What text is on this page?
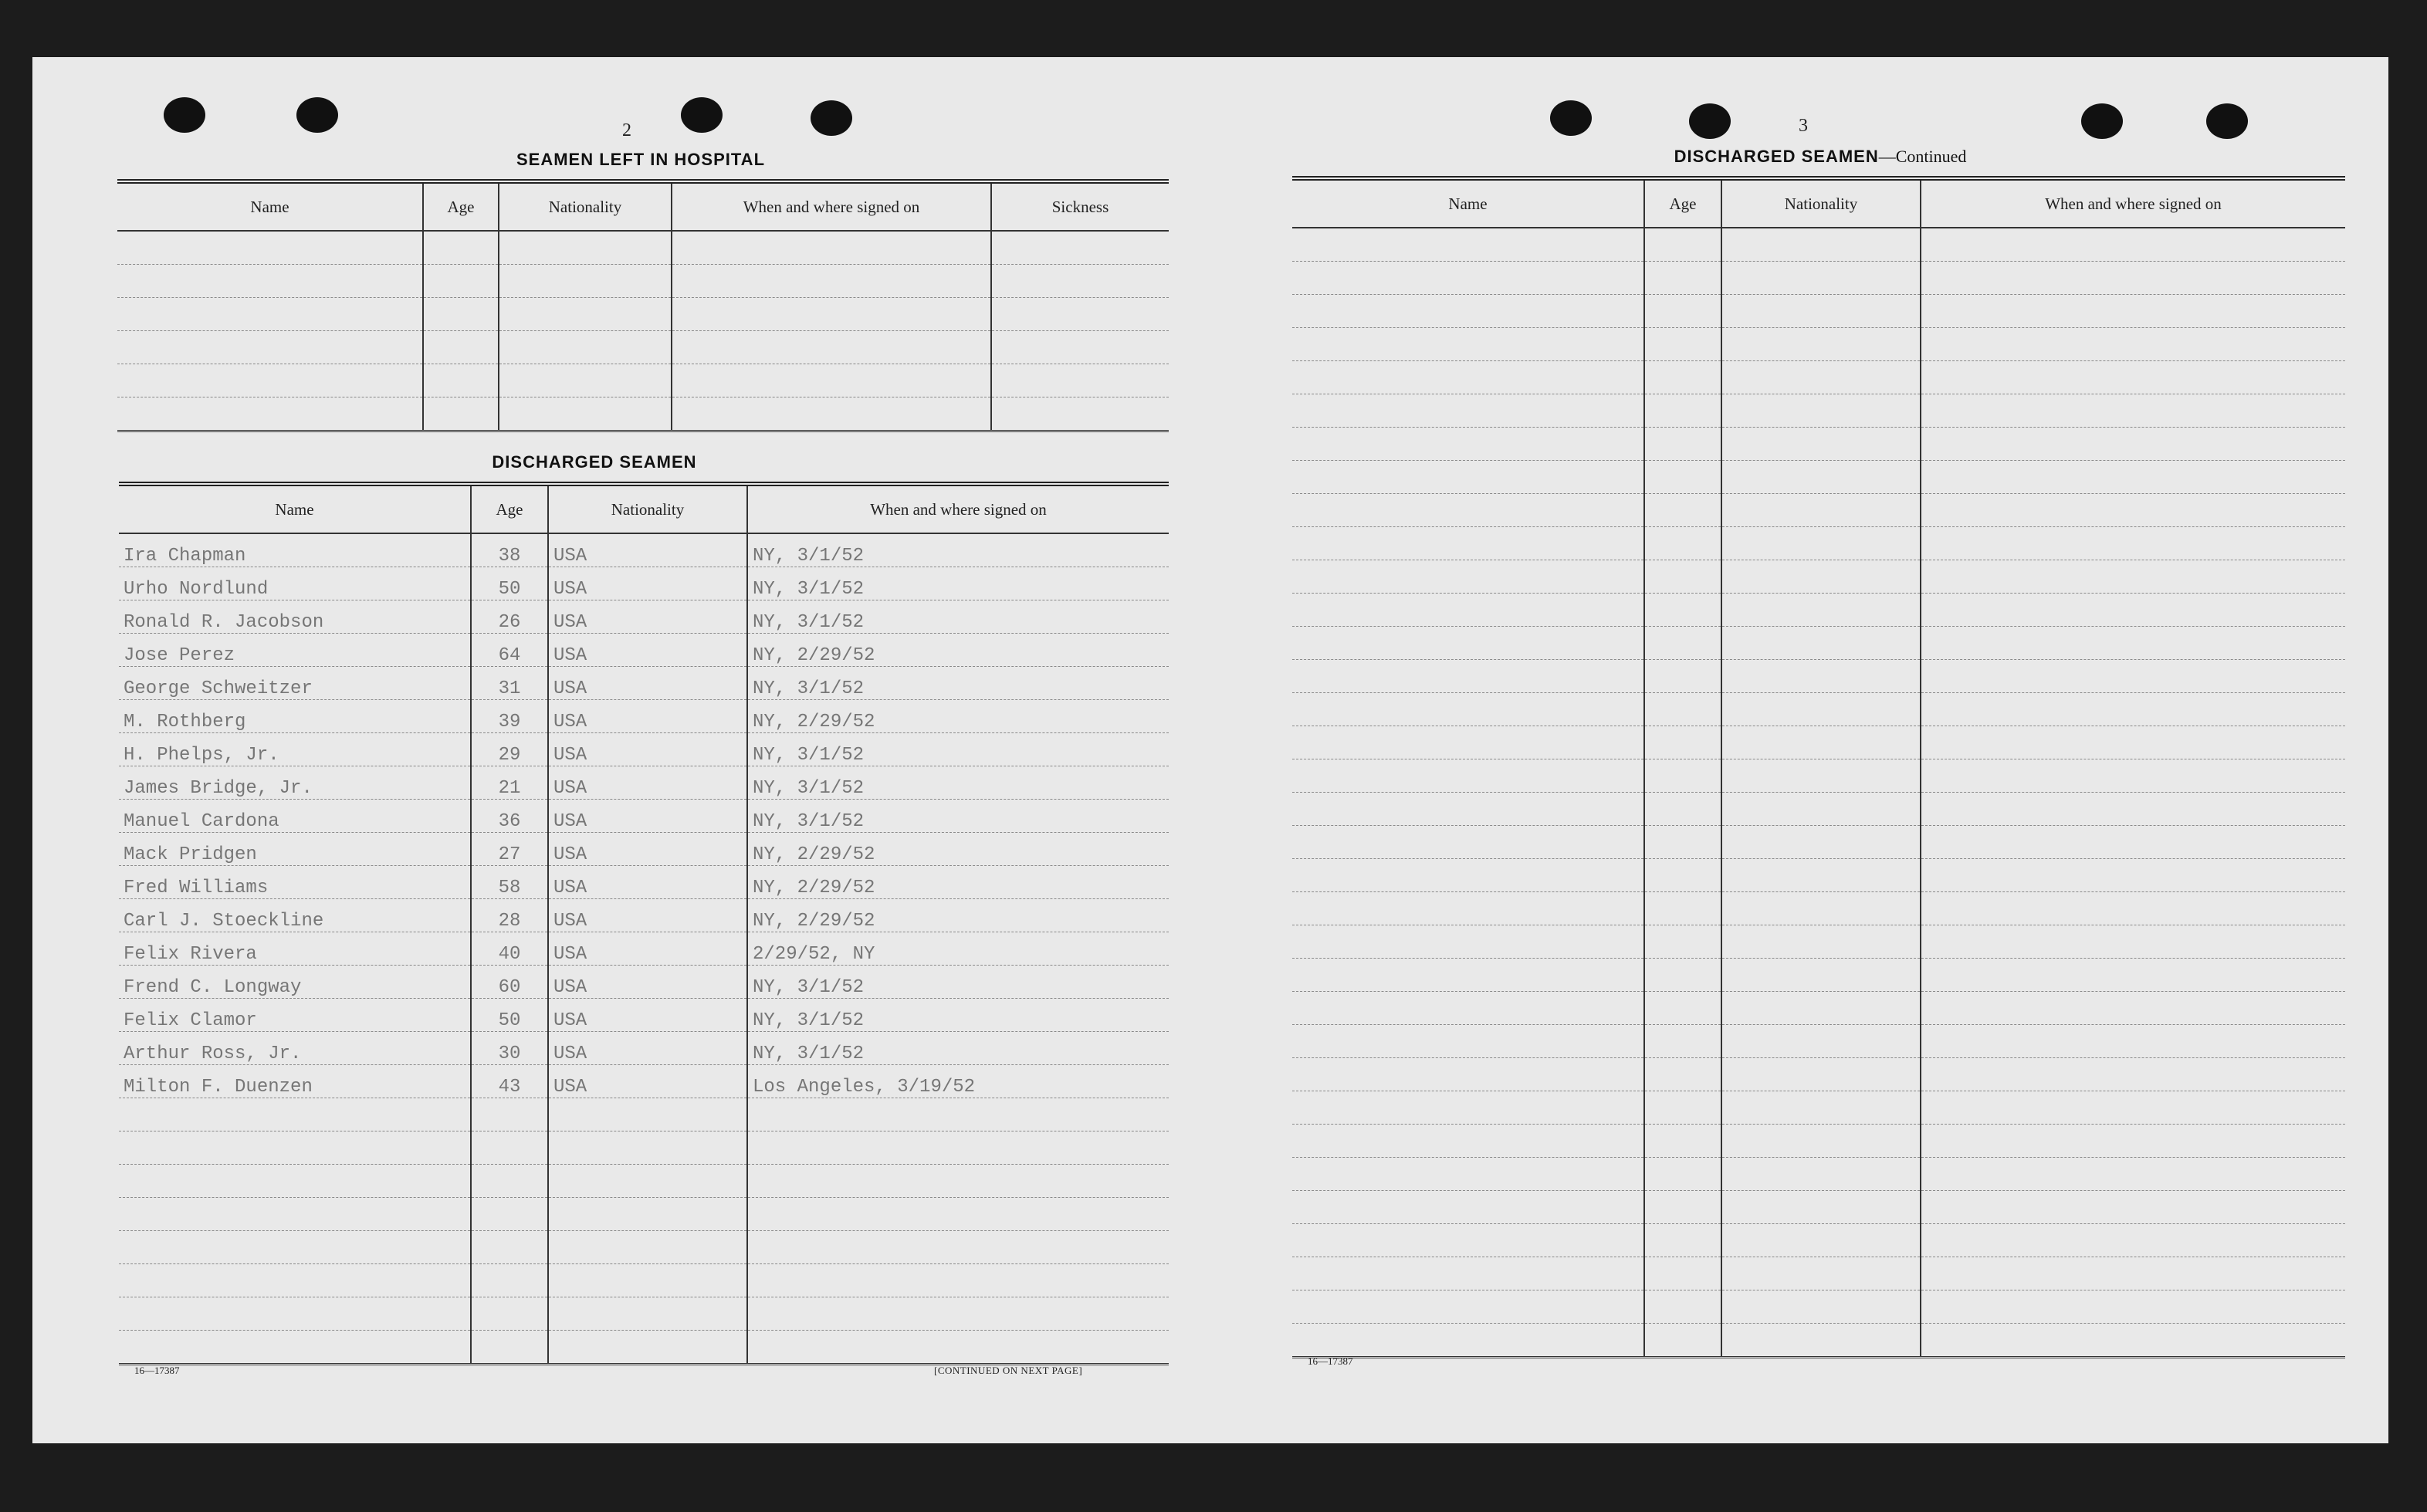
2
SEAMEN LEFT IN HOSPITAL
Name	Age	Nationality	When and where signed on	Sickness

DISCHARGED SEAMEN
Name	Age	Nationality	When and where signed on
Ira Chapman	38	USA	NY, 3/1/52
Urho Nordlund	50	USA	NY, 3/1/52
Ronald R. Jacobson	26	USA	NY, 3/1/52
Jose Perez	64	USA	NY, 2/29/52
George Schweitzer	31	USA	NY, 3/1/52
M. Rothberg	39	USA	NY, 2/29/52
H. Phelps, Jr.	29	USA	NY, 3/1/52
James Bridge, Jr.	21	USA	NY, 3/1/52
Manuel Cardona	36	USA	NY, 3/1/52
Mack Pridgen	27	USA	NY, 2/29/52
Fred Williams	58	USA	NY, 2/29/52
Carl J. Stoeckline	28	USA	NY, 2/29/52
Felix Rivera	40	USA	2/29/52, NY
Frend C. Longway	60	USA	NY, 3/1/52
Felix Clamor	50	USA	NY, 3/1/52
Arthur Ross, Jr.	30	USA	NY, 3/1/52
Milton F. Duenzen	43	USA	Los Angeles, 3/19/52

16—17387	[CONTINUED ON NEXT PAGE]
3
DISCHARGED SEAMEN—Continued
Name	Age	Nationality	When and where signed on

16—17387
